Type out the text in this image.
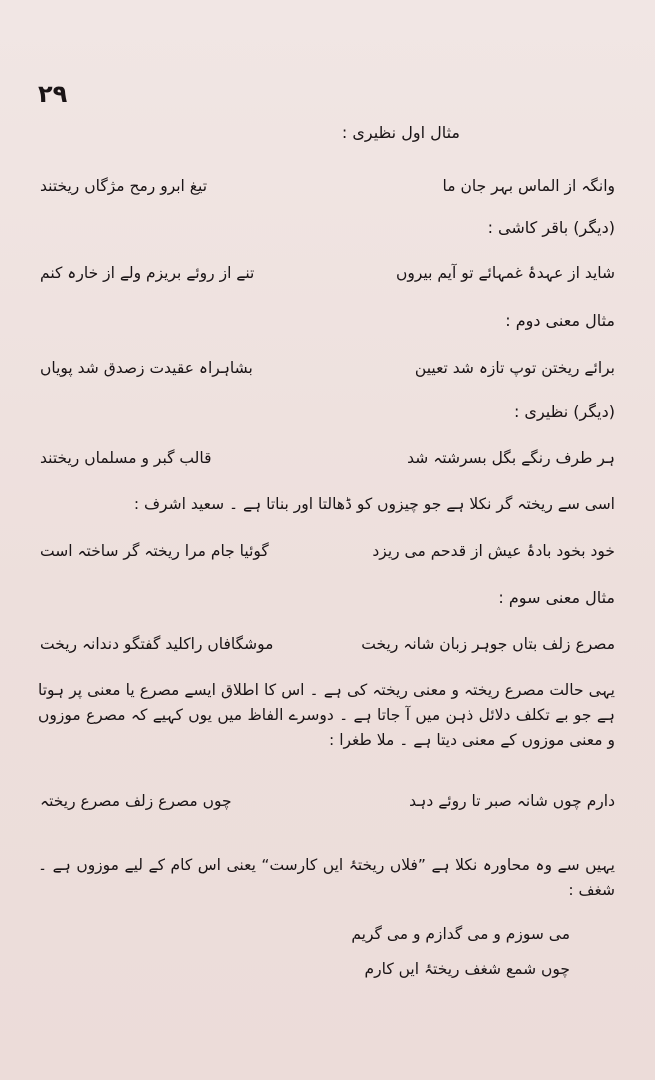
۲۹
مثال اول نظیری :
وانگہ از الماس بہر جان ما
تیغ ابرو رمح مژگاں ریختند
(دیگر) باقر کاشی :
شاید از عہدۂ غمہائے تو آیم بیروں
تنے از روئے بریزم ولے از خارہ کنم
مثال معنی دوم :
برائے ریختن توپ تازہ شد تعیین
بشاہراہ عقیدت زصدق شد پویاں
(دیگر) نظیری :
ہر طرف رنگے بگل بسرشتہ شد
قالب گبر و مسلماں ریختند
اسی سے ریختہ گر نکلا ہے جو چیزوں کو ڈھالتا اور بناتا ہے ۔ سعید اشرف :
خود بخود بادۂ عیش از قدحم می ریزد
گوئیا جام مرا ریختہ گر ساختہ است
مثال معنی سوم :
مصرع زلف بتاں جوہر زبان شانہ ریخت
موشگافاں راکلید گفتگو دندانہ ریخت
یہی حالت مصرع ریختہ و معنی ریختہ کی ہے ۔ اس کا اطلاق ایسے مصرع یا معنی پر ہوتا ہے جو بے تکلف دلائل ذہن میں آ جاتا ہے ۔ دوسرے الفاظ میں یوں کہیے کہ مصرع موزوں و معنی موزوں کے معنی دیتا ہے ۔ ملا طغرا :
دارم چوں شانہ صبر تا روئے دہد
چوں مصرع زلف مصرع ریختہ
یہیں سے وہ محاورہ نکلا ہے ”فلاں ریختۂ ایں کارست“ یعنی اس کام کے لیے موزوں ہے ۔ شغف :
می سوزم و می گدازم و می گریم
چوں شمع شغف ریختۂ ایں کارم
